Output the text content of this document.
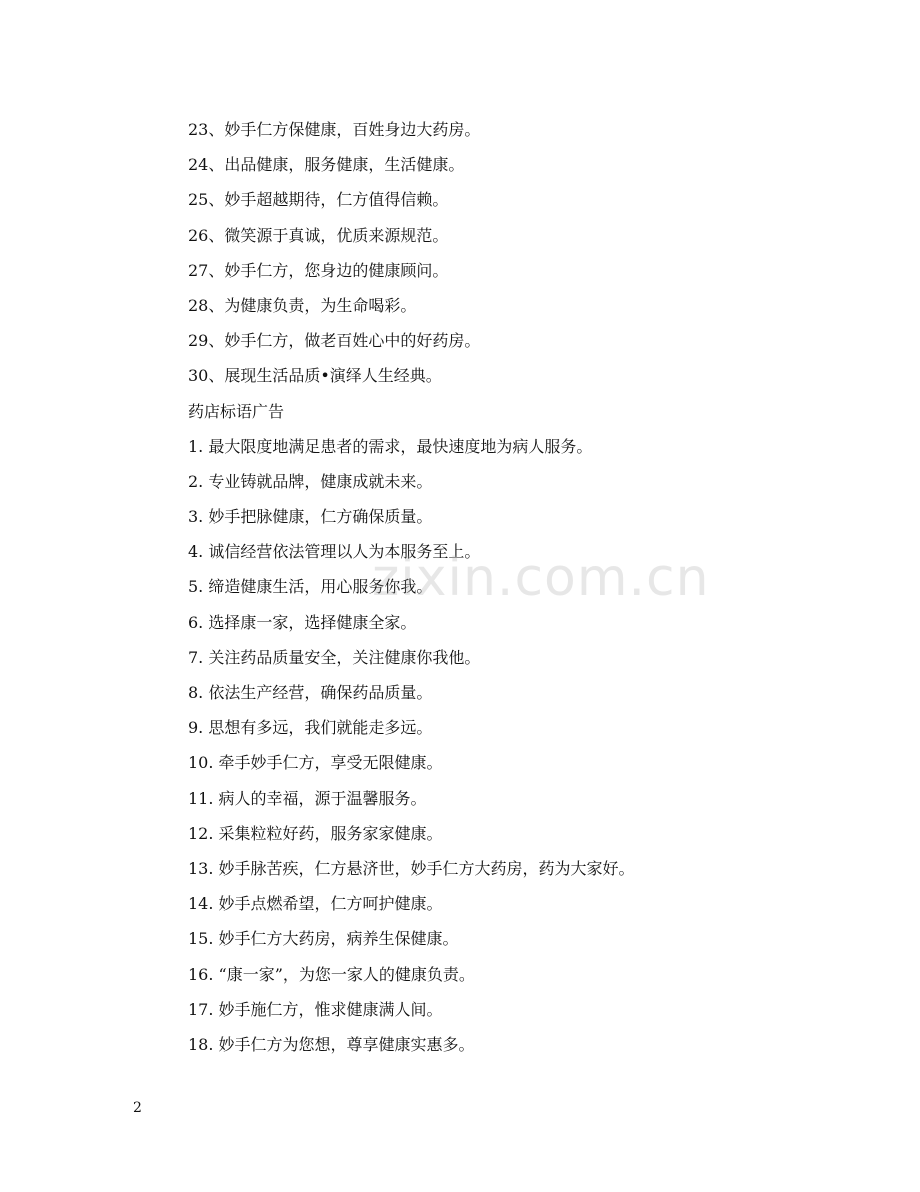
23、妙手仁方保健康，百姓身边大药房。
24、出品健康，服务健康，生活健康。
25、妙手超越期待，仁方值得信赖。
26、微笑源于真诚，优质来源规范。
27、妙手仁方，您身边的健康顾问。
28、为健康负责，为生命喝彩。
29、妙手仁方，做老百姓心中的好药房。
30、展现生活品质•演绎人生经典。
药店标语广告
1. 最大限度地满足患者的需求，最快速度地为病人服务。
2. 专业铸就品牌，健康成就未来。
3. 妙手把脉健康，仁方确保质量。
4. 诚信经营依法管理以人为本服务至上。
5. 缔造健康生活，用心服务你我。
6. 选择康一家，选择健康全家。
7. 关注药品质量安全，关注健康你我他。
8. 依法生产经营，确保药品质量。
9. 思想有多远，我们就能走多远。
10. 牵手妙手仁方，享受无限健康。
11. 病人的幸福，源于温馨服务。
12. 采集粒粒好药，服务家家健康。
13. 妙手脉苦疾，仁方悬济世，妙手仁方大药房，药为大家好。
14. 妙手点燃希望，仁方呵护健康。
15. 妙手仁方大药房，病养生保健康。
16. “康一家”，为您一家人的健康负责。
17. 妙手施仁方，惟求健康满人间。
18. 妙手仁方为您想，尊享健康实惠多。
zixin.com.cn
2
